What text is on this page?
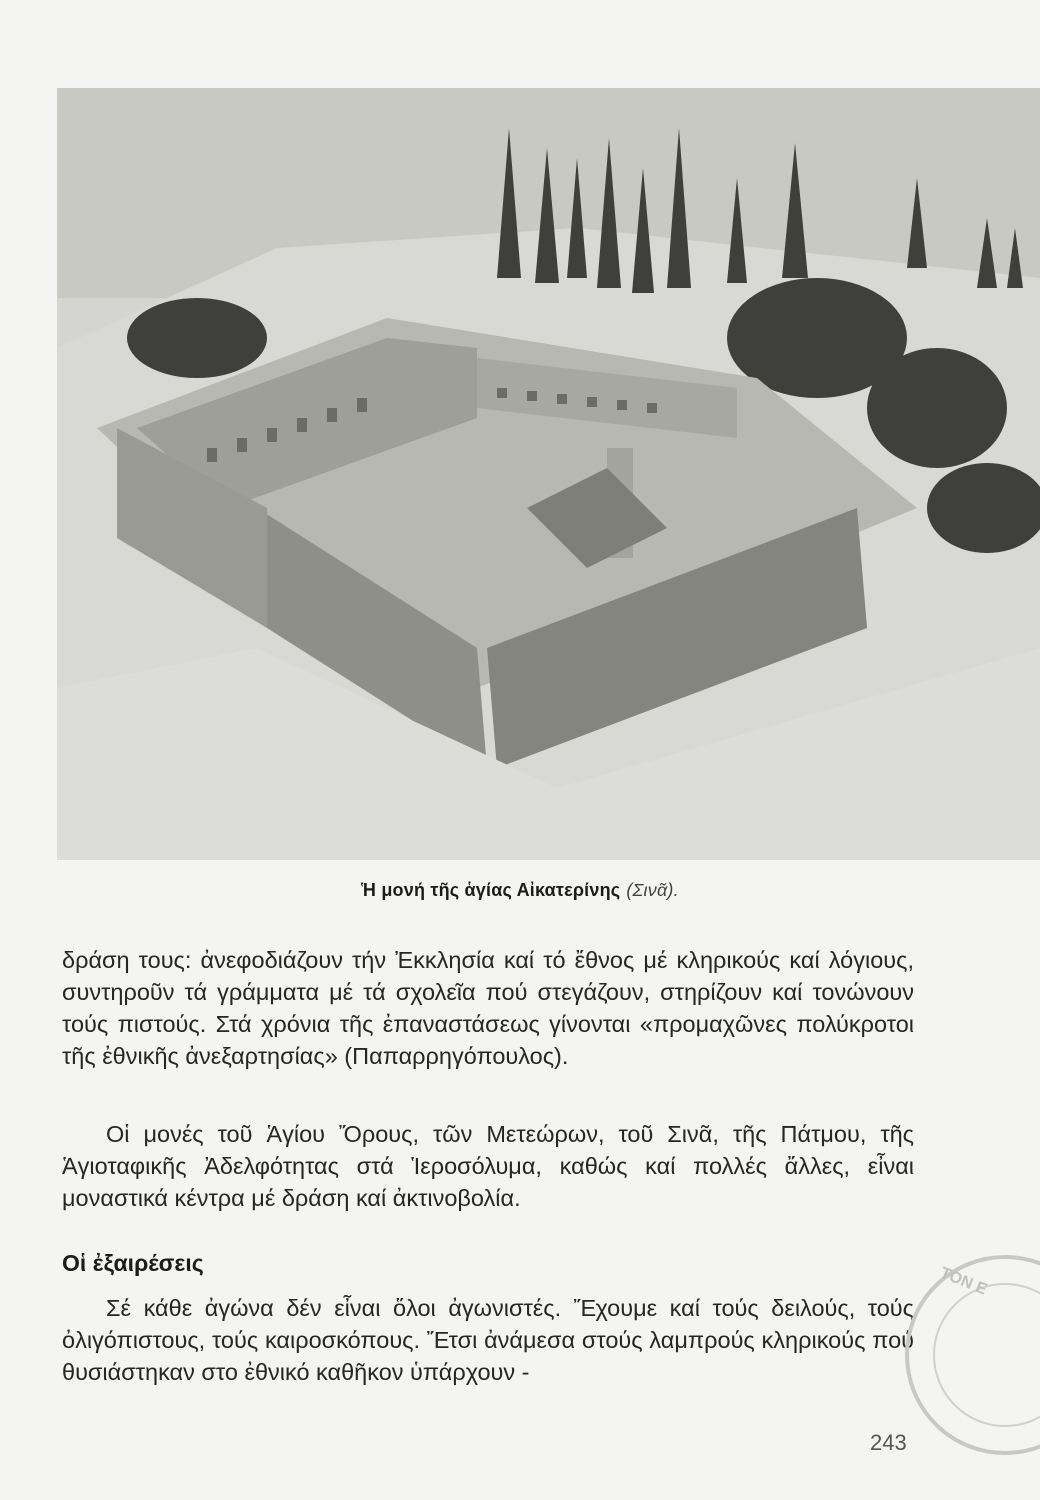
Ἡ μονή τῆς ἁγίας Αἰκατερίνης (Σινᾶ).

δράση τους: ἀνεφοδιάζουν τήν Ἐκκλησία καί τό ἔθνος μέ κληρικούς καί λόγιους, συντηροῦν τά γράμματα μέ τά σχολεῖα πού στεγάζουν, στηρίζουν καί τονώνουν τούς πιστούς. Στά χρόνια τῆς ἐπαναστάσεως γίνονται «προμαχῶνες πολύκροτοι τῆς ἐθνικῆς ἀνεξαρτησίας» (Παπαρρηγόπουλος).

Οἱ μονές τοῦ Ἁγίου Ὄρους, τῶν Μετεώρων, τοῦ Σινᾶ, τῆς Πάτμου, τῆς Ἁγιοταφικῆς Ἀδελφότητας στά Ἱεροσόλυμα, καθώς καί πολλές ἄλλες, εἶναι μοναστικά κέντρα μέ δράση καί ἀκτινοβολία.

Οἱ ἐξαιρέσεις

Σέ κάθε ἀγώνα δέν εἶναι ὅλοι ἀγωνιστές. Ἔχουμε καί τούς δειλούς, τούς ὀλιγόπιστους, τούς καιροσκόπους. Ἔτσι ἀνάμεσα στούς λαμπρούς κληρικούς πού θυσιάστηκαν στο ἐθνικό καθῆκον ὑπάρχουν -

ΤΟΝ Ε
243
